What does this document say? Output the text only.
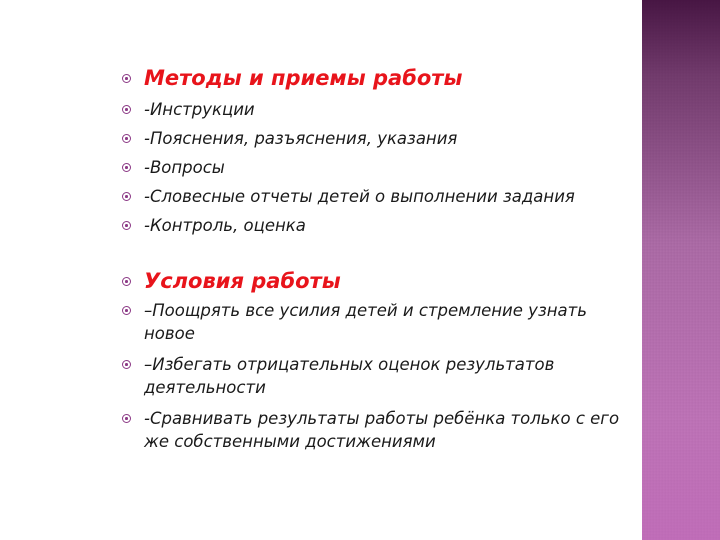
Методы и приемы работы
-Инструкции
-Пояснения, разъяснения, указания
-Вопросы
-Словесные отчеты детей о выполнении задания
-Контроль, оценка
Условия работы
–Поощрять все усилия детей и стремление узнать новое
–Избегать отрицательных оценок результатов деятельности
-Сравнивать результаты работы ребёнка только с его же собственными достижениями
